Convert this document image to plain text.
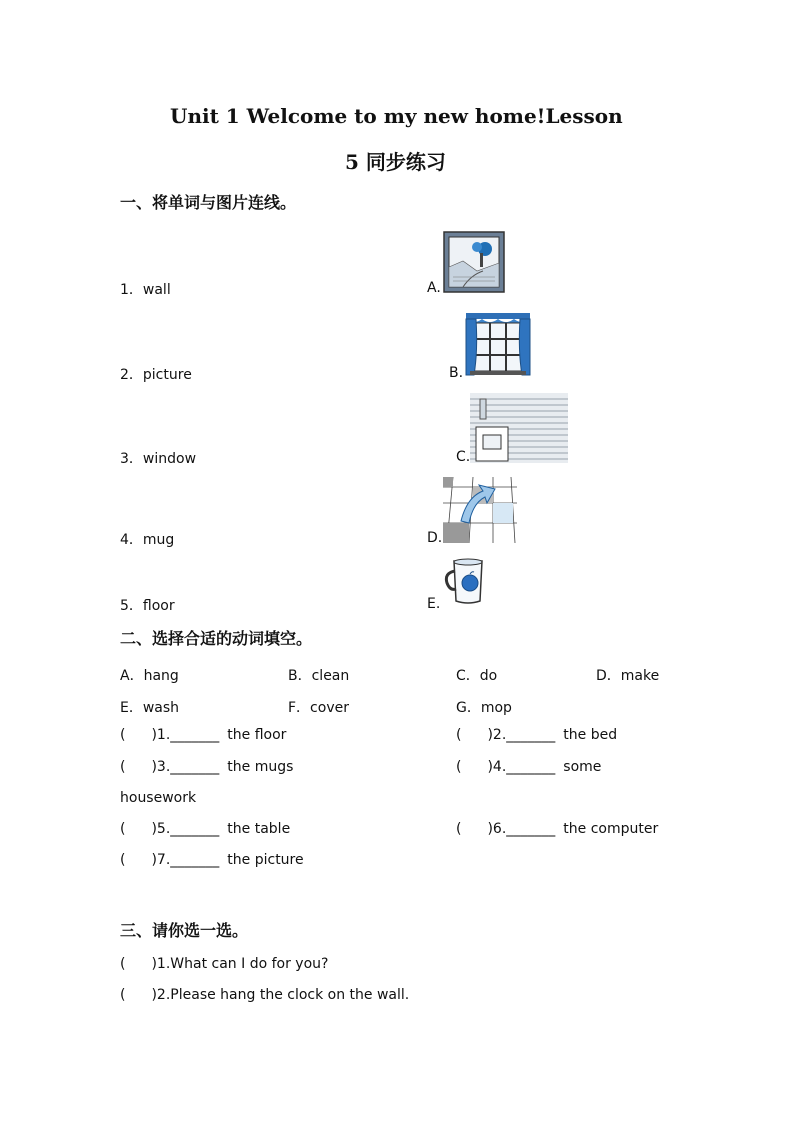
Unit 1 Welcome to my new home!Lesson
5 同步练习
一、将单词与图片连线。
1．wall
2．picture
3．window
4．mug
5．floor
A.
B.
C.
D.
E.
二、选择合适的动词填空。
A．hang	B．clean	C．do	D．make
E．wash	F．cover	G．mop
( )1._______ the floor	( )2._______ the bed
( )3._______ the mugs	( )4._______ some
housework
( )5._______ the table	( )6._______ the computer
( )7._______ the picture
三、请你选一选。
( )1.What can I do for you?
( )2.Please hang the clock on the wall.
